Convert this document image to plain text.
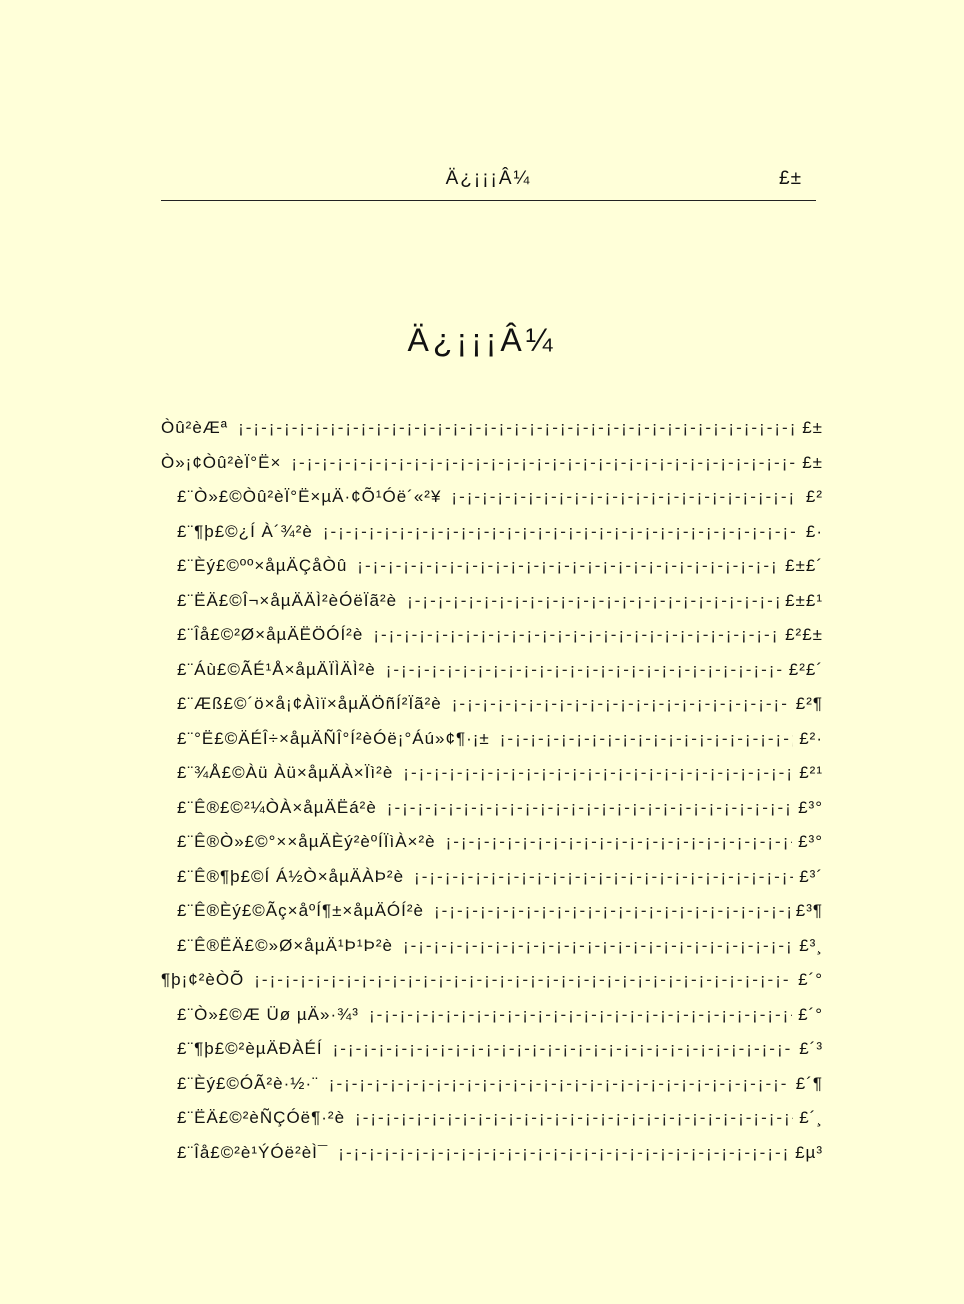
Ä¿¡¡¡Â¼	£±
Ä¿¡¡¡Â¼
Òû²èÆª ¡-¡-¡-¡-¡-¡-¡-¡-¡-¡-¡-¡-¡-¡-¡-¡-¡-¡-¡-¡-¡-¡-¡-¡-¡-¡-¡-¡-¡-¡-¡-¡-¡-¡-¡-¡-¡-¡-¡-¡-¡-¡-	£±
Ò»¡¢Òû²èÏ°Ë× ¡-¡-¡-¡-¡-¡-¡-¡-¡-¡-¡-¡-¡-¡-¡-¡-¡-¡-¡-¡-¡-¡-¡-¡-¡-¡-¡-¡-¡-¡-¡-¡-¡-¡-¡-¡-¡-¡-¡-¡-¡-¡-	£±
£¨Ò»£©Òû²èÏ°Ë×µÄ·¢Õ¹Óë´«²¥ ¡-¡-¡-¡-¡-¡-¡-¡-¡-¡-¡-¡-¡-¡-¡-¡-¡-¡-¡-¡-¡-¡-¡-¡-¡-¡-¡-¡-¡-¡-¡-¡-¡-¡-¡-¡-¡-¡-¡-¡-¡-¡-	£²
£¨¶þ£©¿Í À´¾²è ¡-¡-¡-¡-¡-¡-¡-¡-¡-¡-¡-¡-¡-¡-¡-¡-¡-¡-¡-¡-¡-¡-¡-¡-¡-¡-¡-¡-¡-¡-¡-¡-¡-¡-¡-¡-¡-¡-¡-¡-¡-¡-	£·
£¨Èý£©ºº×åµÄÇåÒû ¡-¡-¡-¡-¡-¡-¡-¡-¡-¡-¡-¡-¡-¡-¡-¡-¡-¡-¡-¡-¡-¡-¡-¡-¡-¡-¡-¡-¡-¡-¡-¡-¡-¡-¡-¡-¡-¡-¡-¡-¡-¡-	£±£´
£¨ËÄ£©Î¬×åµÄÄÌ²èÓëÏã²è ¡-¡-¡-¡-¡-¡-¡-¡-¡-¡-¡-¡-¡-¡-¡-¡-¡-¡-¡-¡-¡-¡-¡-¡-¡-¡-¡-¡-¡-¡-¡-¡-¡-¡-¡-¡-¡-¡-¡-¡-¡-¡-	£±£¹
£¨Îå£©²Ø×åµÄËÖÓÍ²è ¡-¡-¡-¡-¡-¡-¡-¡-¡-¡-¡-¡-¡-¡-¡-¡-¡-¡-¡-¡-¡-¡-¡-¡-¡-¡-¡-¡-¡-¡-¡-¡-¡-¡-¡-¡-¡-¡-¡-¡-¡-¡-	£²£±
£¨Áù£©ÃÉ¹Å×åµÄÏÌÄÌ²è ¡-¡-¡-¡-¡-¡-¡-¡-¡-¡-¡-¡-¡-¡-¡-¡-¡-¡-¡-¡-¡-¡-¡-¡-¡-¡-¡-¡-¡-¡-¡-¡-¡-¡-¡-¡-¡-¡-¡-¡-¡-¡-	£²£´
£¨Æß£©´ö×å¡¢Àìï×åµÄÖñÍ²Ïã²è ¡-¡-¡-¡-¡-¡-¡-¡-¡-¡-¡-¡-¡-¡-¡-¡-¡-¡-¡-¡-¡-¡-¡-¡-¡-¡-¡-¡-¡-¡-¡-¡-¡-¡-¡-¡-¡-¡-¡-¡-¡-¡-	£²¶
£¨°Ë£©ÄÉÎ÷×åµÄÑÎ°Í²èÓë¡°Áú»¢¶·¡± ¡-¡-¡-¡-¡-¡-¡-¡-¡-¡-¡-¡-¡-¡-¡-¡-¡-¡-¡-¡-¡-¡-¡-¡-¡-¡-¡-¡-¡-¡-¡-¡-¡-¡-¡-¡-¡-¡-¡-¡-¡-¡-	£²·
£¨¾Å£©Àü Àü×åµÄÀ×Ïì²è ¡-¡-¡-¡-¡-¡-¡-¡-¡-¡-¡-¡-¡-¡-¡-¡-¡-¡-¡-¡-¡-¡-¡-¡-¡-¡-¡-¡-¡-¡-¡-¡-¡-¡-¡-¡-¡-¡-¡-¡-¡-¡-	£²¹
£¨Ê®£©²¼ÒÀ×åµÄËá²è ¡-¡-¡-¡-¡-¡-¡-¡-¡-¡-¡-¡-¡-¡-¡-¡-¡-¡-¡-¡-¡-¡-¡-¡-¡-¡-¡-¡-¡-¡-¡-¡-¡-¡-¡-¡-¡-¡-¡-¡-¡-¡-	£³°
£¨Ê®Ò»£©°××åµÄÈý²èºÍÏìÀ×²è ¡-¡-¡-¡-¡-¡-¡-¡-¡-¡-¡-¡-¡-¡-¡-¡-¡-¡-¡-¡-¡-¡-¡-¡-¡-¡-¡-¡-¡-¡-¡-¡-¡-¡-¡-¡-¡-¡-¡-¡-¡-¡-	£³°
£¨Ê®¶þ£©Í Á½Ò×åµÄÀÞ²è ¡-¡-¡-¡-¡-¡-¡-¡-¡-¡-¡-¡-¡-¡-¡-¡-¡-¡-¡-¡-¡-¡-¡-¡-¡-¡-¡-¡-¡-¡-¡-¡-¡-¡-¡-¡-¡-¡-¡-¡-¡-¡-	£³´
£¨Ê®Èý£©Ãç×åºÍ¶±×åµÄÓÍ²è ¡-¡-¡-¡-¡-¡-¡-¡-¡-¡-¡-¡-¡-¡-¡-¡-¡-¡-¡-¡-¡-¡-¡-¡-¡-¡-¡-¡-¡-¡-¡-¡-¡-¡-¡-¡-¡-¡-¡-¡-¡-¡-	£³¶
£¨Ê®ËÄ£©»Ø×åµÄ¹Þ¹Þ²è ¡-¡-¡-¡-¡-¡-¡-¡-¡-¡-¡-¡-¡-¡-¡-¡-¡-¡-¡-¡-¡-¡-¡-¡-¡-¡-¡-¡-¡-¡-¡-¡-¡-¡-¡-¡-¡-¡-¡-¡-¡-¡-	£³¸
¶þ¡¢²èÒÕ ¡-¡-¡-¡-¡-¡-¡-¡-¡-¡-¡-¡-¡-¡-¡-¡-¡-¡-¡-¡-¡-¡-¡-¡-¡-¡-¡-¡-¡-¡-¡-¡-¡-¡-¡-¡-¡-¡-¡-¡-¡-¡-	£´°
£¨Ò»£©Æ Üø µÄ»·¾³ ¡-¡-¡-¡-¡-¡-¡-¡-¡-¡-¡-¡-¡-¡-¡-¡-¡-¡-¡-¡-¡-¡-¡-¡-¡-¡-¡-¡-¡-¡-¡-¡-¡-¡-¡-¡-¡-¡-¡-¡-¡-¡-	£´°
£¨¶þ£©²èµÄÐÀÉÍ ¡-¡-¡-¡-¡-¡-¡-¡-¡-¡-¡-¡-¡-¡-¡-¡-¡-¡-¡-¡-¡-¡-¡-¡-¡-¡-¡-¡-¡-¡-¡-¡-¡-¡-¡-¡-¡-¡-¡-¡-¡-¡-	£´³
£¨Èý£©ÓÃ²è·½·¨ ¡-¡-¡-¡-¡-¡-¡-¡-¡-¡-¡-¡-¡-¡-¡-¡-¡-¡-¡-¡-¡-¡-¡-¡-¡-¡-¡-¡-¡-¡-¡-¡-¡-¡-¡-¡-¡-¡-¡-¡-¡-¡-	£´¶
£¨ËÄ£©²èÑÇÓë¶·²è ¡-¡-¡-¡-¡-¡-¡-¡-¡-¡-¡-¡-¡-¡-¡-¡-¡-¡-¡-¡-¡-¡-¡-¡-¡-¡-¡-¡-¡-¡-¡-¡-¡-¡-¡-¡-¡-¡-¡-¡-¡-¡-	£´¸
£¨Îå£©²è¹ÝÓë²èÌ¯ ¡-¡-¡-¡-¡-¡-¡-¡-¡-¡-¡-¡-¡-¡-¡-¡-¡-¡-¡-¡-¡-¡-¡-¡-¡-¡-¡-¡-¡-¡-¡-¡-¡-¡-¡-¡-¡-¡-¡-¡-¡-¡-	£µ³
